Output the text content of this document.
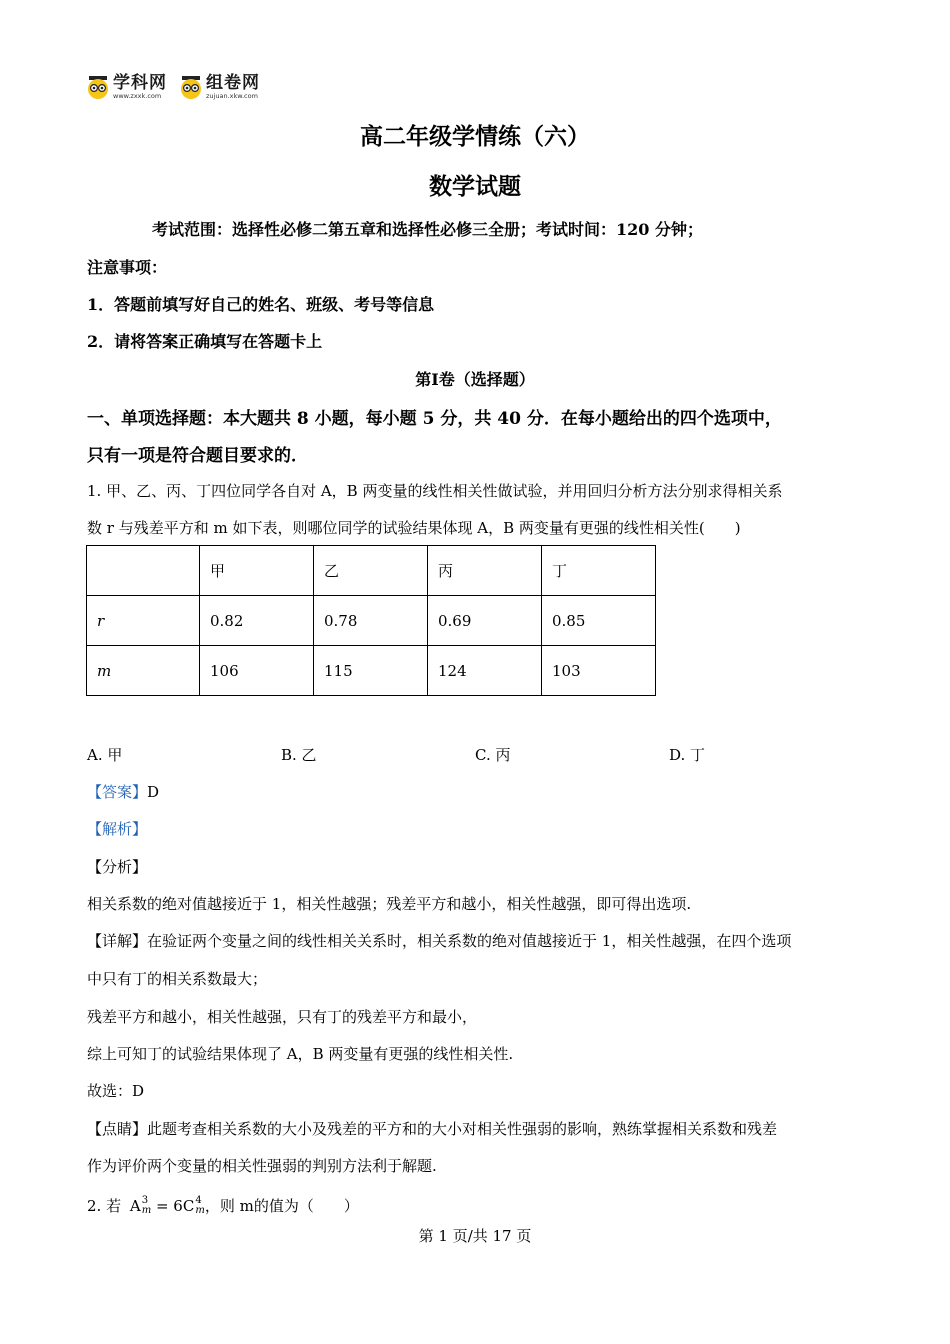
学科网
www.zxxk.com
组卷网
zujuan.xkw.com
高二年级学情练（六）
数学试题
考试范围：选择性必修二第五章和选择性必修三全册；考试时间：120 分钟；
注意事项：
1．答题前填写好自己的姓名、班级、考号等信息
2．请将答案正确填写在答题卡上
第Ⅰ卷（选择题）
一、单项选择题：本大题共 8 小题，每小题 5 分，共 40 分．在每小题给出的四个选项中，
只有一项是符合题目要求的．
1. 甲、乙、丙、丁四位同学各自对 A，B 两变量的线性相关性做试验，并用回归分析方法分别求得相关系
数 r 与残差平方和 m 如下表，则哪位同学的试验结果体现 A，B 两变量有更强的线性相关性(　　)
	甲	乙	丙	丁
r	0.82	0.78	0.69	0.85
m	106	115	124	103
A. 甲	B. 乙	C. 丙	D. 丁
【答案】D
【解析】
【分析】
相关系数的绝对值越接近于 1，相关性越强；残差平方和越小，相关性越强，即可得出选项.
【详解】在验证两个变量之间的线性相关关系时，相关系数的绝对值越接近于 1，相关性越强，在四个选项
中只有丁的相关系数最大；
残差平方和越小，相关性越强，只有丁的残差平方和最小，
综上可知丁的试验结果体现了 A，B 两变量有更强的线性相关性.
故选：D
【点睛】此题考查相关系数的大小及残差的平方和的大小对相关性强弱的影响，熟练掌握相关系数和残差
作为评价两个变量的相关性强弱的判别方法利于解题.
2. 若 A 3
m = 6 C 4
m ，则 m的值为（　　）
第 1 页/共 17 页
